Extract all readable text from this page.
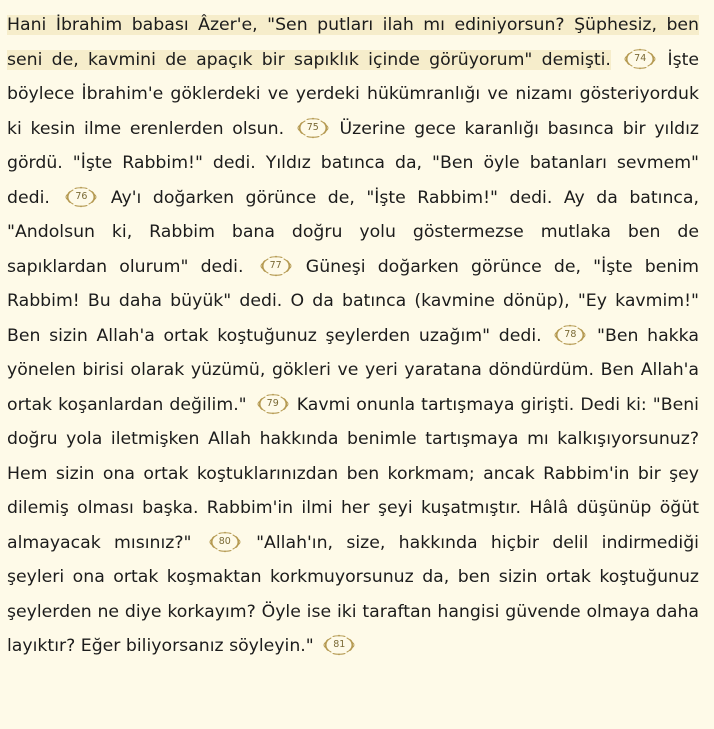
Hani İbrahim babası Âzer'e, "Sen putları ilah mı ediniyorsun? Şüphesiz, ben seni de, kavmini de apaçık bir sapıklık içinde görüyorum" demişti.	74	İşte böylece İbrahim'e göklerdeki ve yerdeki hükümranlığı ve nizamı gösteriyorduk ki kesin ilme erenlerden olsun.	75	Üzerine gece karanlığı basınca bir yıldız gördü. "İşte Rabbim!" dedi. Yıldız batınca da, "Ben öyle batanları sevmem" dedi.	76	Ay'ı doğarken görünce de, "İşte Rabbim!" dedi. Ay da batınca, "Andolsun ki, Rabbim bana doğru yolu göstermezse mutlaka ben de sapıklardan olurum" dedi.	77	Güneşi doğarken görünce de, "İşte benim Rabbim! Bu daha büyük" dedi. O da batınca (kavmine dönüp), "Ey kavmim!" Ben sizin Allah'a ortak koştuğunuz şeylerden uzağım" dedi.	78	"Ben hakka yönelen birisi olarak yüzümü, gökleri ve yeri yaratana döndürdüm. Ben Allah'a ortak koşanlardan değilim."	79	Kavmi onunla tartışmaya girişti. Dedi ki: "Beni doğru yola iletmişken Allah hakkında benimle tartışmaya mı kalkışıyorsunuz? Hem sizin ona ortak koştuklarınızdan ben korkmam; ancak Rabbim'in bir şey dilemiş olması başka. Rabbim'in ilmi her şeyi kuşatmıştır. Hâlâ düşünüp öğüt almayacak mısınız?"	80	"Allah'ın, size, hakkında hiçbir delil indirmediği şeyleri ona ortak koşmaktan korkmuyorsunuz da, ben sizin ortak koştuğunuz şeylerden ne diye korkayım? Öyle ise iki taraftan hangisi güvende olmaya daha layıktır? Eğer biliyorsanız söyleyin."	81
